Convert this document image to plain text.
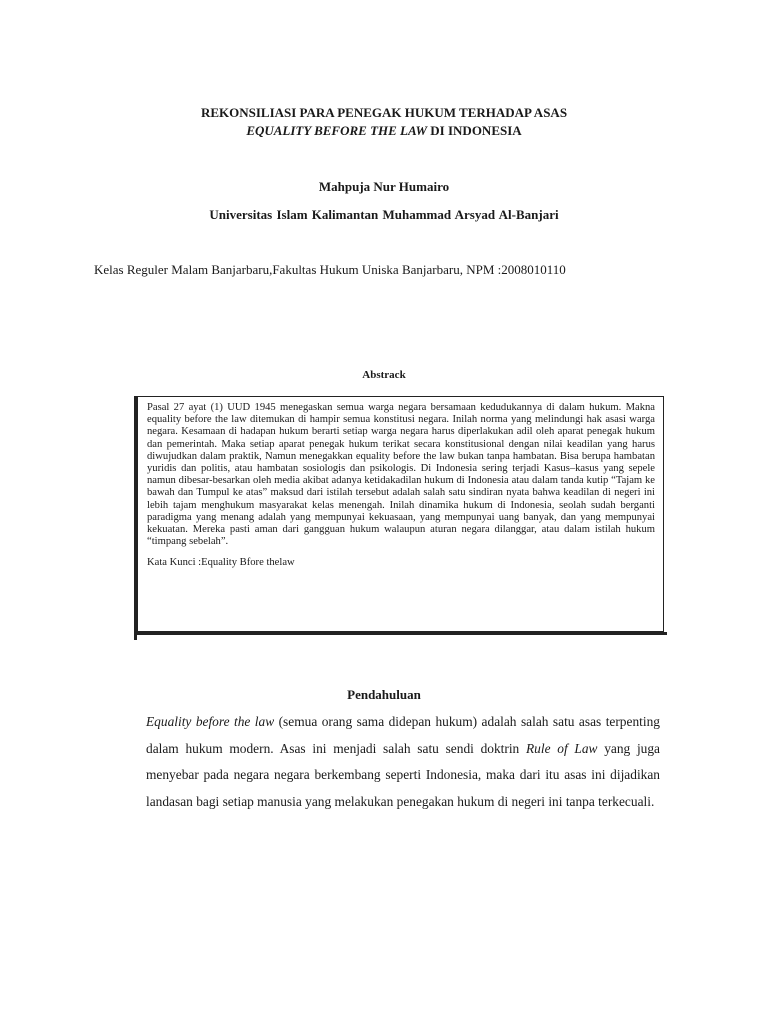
REKONSILIASI PARA PENEGAK HUKUM TERHADAP ASAS
EQUALITY BEFORE THE LAW DI INDONESIA
Mahpuja Nur Humairo
Universitas Islam Kalimantan Muhammad Arsyad Al-Banjari
Kelas Reguler Malam Banjarbaru,Fakultas Hukum Uniska Banjarbaru, NPM :2008010110
Abstrack

Pasal 27 ayat (1) UUD 1945 menegaskan semua warga negara bersamaan kedudukannya di dalam hukum. Makna equality before the law ditemukan di hampir semua konstitusi negara. Inilah norma yang melindungi hak asasi warga negara. Kesamaan di hadapan hukum berarti setiap warga negara harus diperlakukan adil oleh aparat penegak hukum dan pemerintah. Maka setiap aparat penegak hukum terikat secara konstitusional dengan nilai keadilan yang harus diwujudkan dalam praktik, Namun menegakkan equality before the law bukan tanpa hambatan. Bisa berupa hambatan yuridis dan politis, atau hambatan sosiologis dan psikologis. Di Indonesia sering terjadi Kasus–kasus yang sepele namun dibesar-besarkan oleh media akibat adanya ketidakadilan hukum di Indonesia atau dalam tanda kutip “Tajam ke bawah dan Tumpul ke atas” maksud dari istilah tersebut adalah salah satu sindiran nyata bahwa keadilan di negeri ini lebih tajam menghukum masyarakat kelas menengah. Inilah dinamika hukum di Indonesia, seolah sudah berganti paradigma yang menang adalah yang mempunyai kekuasaan, yang mempunyai uang banyak, dan yang mempunyai kekuatan. Mereka pasti aman dari gangguan hukum walaupun aturan negara dilanggar, atau dalam istilah hukum “timpang sebelah”.

Kata Kunci :Equality Bfore thelaw
Pendahuluan

Equality before the law (semua orang sama didepan hukum) adalah salah satu asas terpenting dalam hukum modern. Asas ini menjadi salah satu sendi doktrin Rule of Law yang juga menyebar pada negara negara berkembang seperti Indonesia, maka dari itu asas ini dijadikan landasan bagi setiap manusia yang melakukan penegakan hukum di negeri ini tanpa terkecuali.
